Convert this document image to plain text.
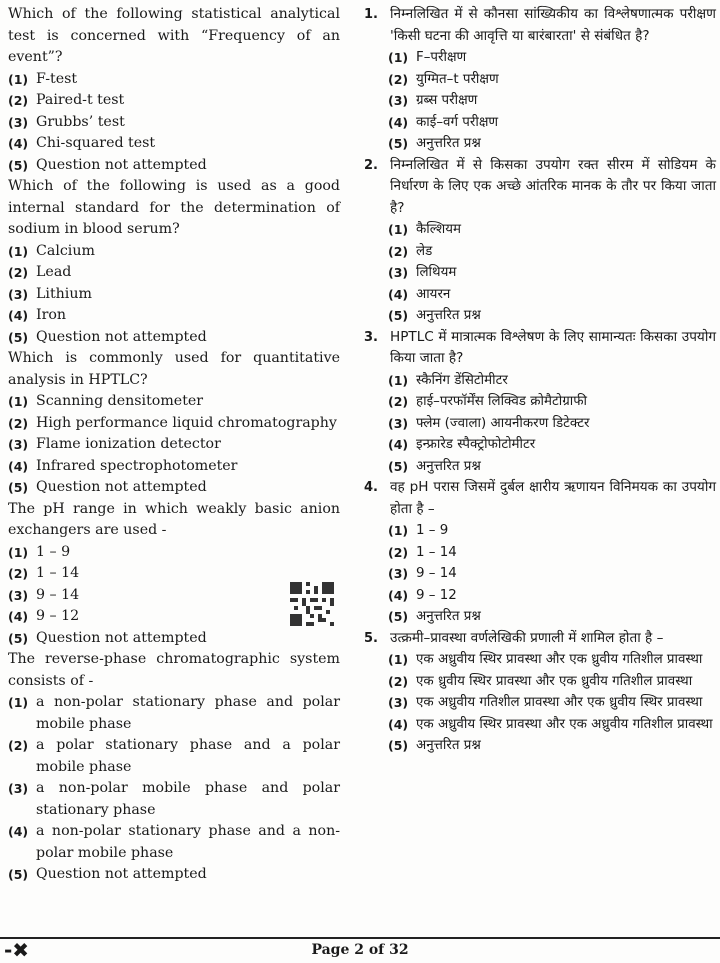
Which of the following statistical analytical test is concerned with “Frequency of an event”?

(1) F-test
(2) Paired-t test
(3) Grubbs’ test
(4) Chi-squared test
(5) Question not attempted

Which of the following is used as a good internal standard for the determination of sodium in blood serum?

(1) Calcium
(2) Lead
(3) Lithium
(4) Iron
(5) Question not attempted

Which is commonly used for quantitative analysis in HPTLC?

(1) Scanning densitometer
(2) High performance liquid chromatography
(3) Flame ionization detector
(4) Infrared spectrophotometer
(5) Question not attempted

The pH range in which weakly basic anion exchangers are used -

(1) 1 – 9
(2) 1 – 14
(3) 9 – 14
(4) 9 – 12
(5) Question not attempted

The reverse-phase chromatographic system consists of -

(1) a non-polar stationary phase and polar mobile phase
(2) a polar stationary phase and a polar mobile phase
(3) a non-polar mobile phase and polar stationary phase
(4) a non-polar stationary phase and a non-polar mobile phase
(5) Question not attempted
1. निम्नलिखित में से कौनसा सांख्यिकीय का विश्लेषणात्मक परीक्षण 'किसी घटना की आवृत्ति या बारंबारता' से संबंधित है?

(1) F–परीक्षण
(2) युग्मित–t परीक्षण
(3) ग्रब्स परीक्षण
(4) काई–वर्ग परीक्षण
(5) अनुत्तरित प्रश्न
2. निम्नलिखित में से किसका उपयोग रक्त सीरम में सोडियम के निर्धारण के लिए एक अच्छे आंतरिक मानक के तौर पर किया जाता है?

(1) कैल्शियम
(2) लेड
(3) लिथियम
(4) आयरन
(5) अनुत्तरित प्रश्न
3. HPTLC में मात्रात्मक विश्लेषण के लिए सामान्यतः किसका उपयोग किया जाता है?

(1) स्कैनिंग डेंसिटोमीटर
(2) हाई–परफॉर्मेंस लिक्विड क्रोमैटोग्राफी
(3) फ्लेम (ज्वाला) आयनीकरण डिटेक्टर
(4) इन्फ्रारेड स्पैक्ट्रोफोटोमीटर
(5) अनुत्तरित प्रश्न
4. वह pH परास जिसमें दुर्बल क्षारीय ऋणायन विनिमयक का उपयोग होता है –

(1) 1 – 9
(2) 1 – 14
(3) 9 – 14
(4) 9 – 12
(5) अनुत्तरित प्रश्न
5. उत्क्रमी–प्रावस्था वर्णलेखिकी प्रणाली में शामिल होता है –

(1) एक अध्रुवीय स्थिर प्रावस्था और एक ध्रुवीय गतिशील प्रावस्था
(2) एक ध्रुवीय स्थिर प्रावस्था और एक ध्रुवीय गतिशील प्रावस्था
(3) एक अध्रुवीय गतिशील प्रावस्था और एक ध्रुवीय स्थिर प्रावस्था
(4) एक अध्रुवीय स्थिर प्रावस्था और एक अध्रुवीय गतिशील प्रावस्था
(5) अनुत्तरित प्रश्न
-✖	Page 2 of 32
